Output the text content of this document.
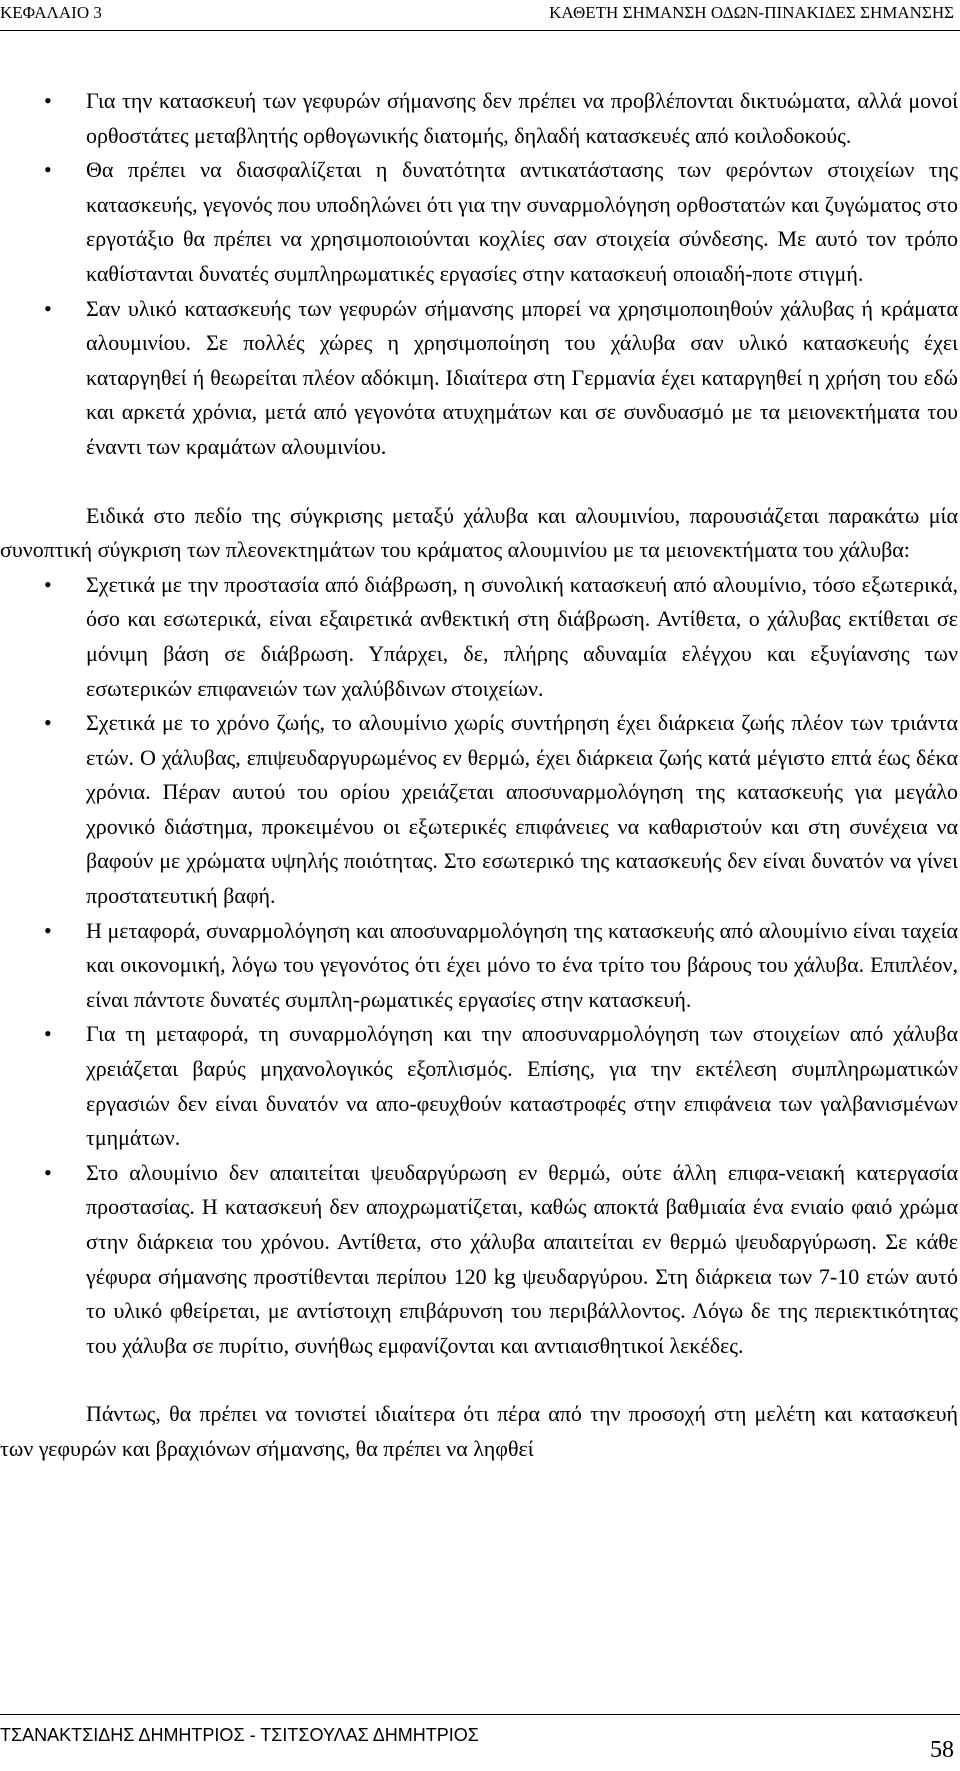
ΚΕΦΑΛΑΙΟ 3	ΚΑΘΕΤΗ ΣΗΜΑΝΣΗ ΟΔΩΝ-ΠΙΝΑΚΙΔΕΣ ΣΗΜΑΝΣΗΣ
• Για την κατασκευή των γεφυρών σήμανσης δεν πρέπει να προβλέπονται δικτυώματα, αλλά μονοί ορθοστάτες μεταβλητής ορθογωνικής διατομής, δηλαδή κατασκευές από κοιλοδοκούς.
• Θα πρέπει να διασφαλίζεται η δυνατότητα αντικατάστασης των φερόντων στοιχείων της κατασκευής, γεγονός που υποδηλώνει ότι για την συναρμολόγηση ορθοστατών και ζυγώματος στο εργοτάξιο θα πρέπει να χρησιμοποιούνται κοχλίες σαν στοιχεία σύνδεσης. Με αυτό τον τρόπο καθίστανται δυνατές συμπληρωματικές εργασίες στην κατασκευή οποιαδή-ποτε στιγμή.
• Σαν υλικό κατασκευής των γεφυρών σήμανσης μπορεί να χρησιμοποιηθούν χάλυβας ή κράματα αλουμινίου. Σε πολλές χώρες η χρησιμοποίηση του χάλυβα σαν υλικό κατασκευής έχει καταργηθεί ή θεωρείται πλέον αδόκιμη. Ιδιαίτερα στη Γερμανία έχει καταργηθεί η χρήση του εδώ και αρκετά χρόνια, μετά από γεγονότα ατυχημάτων και σε συνδυασμό με τα μειονεκτήματα του έναντι των κραμάτων αλουμινίου.

Ειδικά στο πεδίο της σύγκρισης μεταξύ χάλυβα και αλουμινίου, παρουσιάζεται παρακάτω μία συνοπτική σύγκριση των πλεονεκτημάτων του κράματος αλουμινίου με τα μειονεκτήματα του χάλυβα:

• Σχετικά με την προστασία από διάβρωση, η συνολική κατασκευή από αλουμίνιο, τόσο εξωτερικά, όσο και εσωτερικά, είναι εξαιρετικά ανθεκτική στη διάβρωση. Αντίθετα, ο χάλυβας εκτίθεται σε μόνιμη βάση σε διάβρωση. Υπάρχει, δε, πλήρης αδυναμία ελέγχου και εξυγίανσης των εσωτερικών επιφανειών των χαλύβδινων στοιχείων.
• Σχετικά με το χρόνο ζωής, το αλουμίνιο χωρίς συντήρηση έχει διάρκεια ζωής πλέον των τριάντα ετών. Ο χάλυβας, επιψευδαργυρωμένος εν θερμώ, έχει διάρκεια ζωής κατά μέγιστο επτά έως δέκα χρόνια. Πέραν αυτού του ορίου χρειάζεται αποσυναρμολόγηση της κατασκευής για μεγάλο χρονικό διάστημα, προκειμένου οι εξωτερικές επιφάνειες να καθαριστούν και στη συνέχεια να βαφούν με χρώματα υψηλής ποιότητας. Στο εσωτερικό της κατασκευής δεν είναι δυνατόν να γίνει προστατευτική βαφή.
• Η μεταφορά, συναρμολόγηση και αποσυναρμολόγηση της κατασκευής από αλουμίνιο είναι ταχεία και οικονομική, λόγω του γεγονότος ότι έχει μόνο το ένα τρίτο του βάρους του χάλυβα. Επιπλέον, είναι πάντοτε δυνατές συμπλη-ρωματικές εργασίες στην κατασκευή.
• Για τη μεταφορά, τη συναρμολόγηση και την αποσυναρμολόγηση των στοιχείων από χάλυβα χρειάζεται βαρύς μηχανολογικός εξοπλισμός. Επίσης, για την εκτέλεση συμπληρωματικών εργασιών δεν είναι δυνατόν να απο-φευχθούν καταστροφές στην επιφάνεια των γαλβανισμένων τμημάτων.
• Στο αλουμίνιο δεν απαιτείται ψευδαργύρωση εν θερμώ, ούτε άλλη επιφα-νειακή κατεργασία προστασίας. Η κατασκευή δεν αποχρωματίζεται, καθώς αποκτά βαθμιαία ένα ενιαίο φαιό χρώμα στην διάρκεια του χρόνου. Αντίθετα, στο χάλυβα απαιτείται εν θερμώ ψευδαργύρωση. Σε κάθε γέφυρα σήμανσης προστίθενται περίπου 120 kg ψευδαργύρου. Στη διάρκεια των 7-10 ετών αυτό το υλικό φθείρεται, με αντίστοιχη επιβάρυνση του περιβάλλοντος. Λόγω δε της περιεκτικότητας του χάλυβα σε πυρίτιο, συνήθως εμφανίζονται και αντιαισθητικοί λεκέδες.

Πάντως, θα πρέπει να τονιστεί ιδιαίτερα ότι πέρα από την προσοχή στη μελέτη και κατασκευή των γεφυρών και βραχιόνων σήμανσης, θα πρέπει να ληφθεί

ΤΣΑΝΑΚΤΣΙΔΗΣ ΔΗΜΗΤΡΙΟΣ - ΤΣΙΤΣΟΥΛΑΣ ΔΗΜΗΤΡΙΟΣ
58
